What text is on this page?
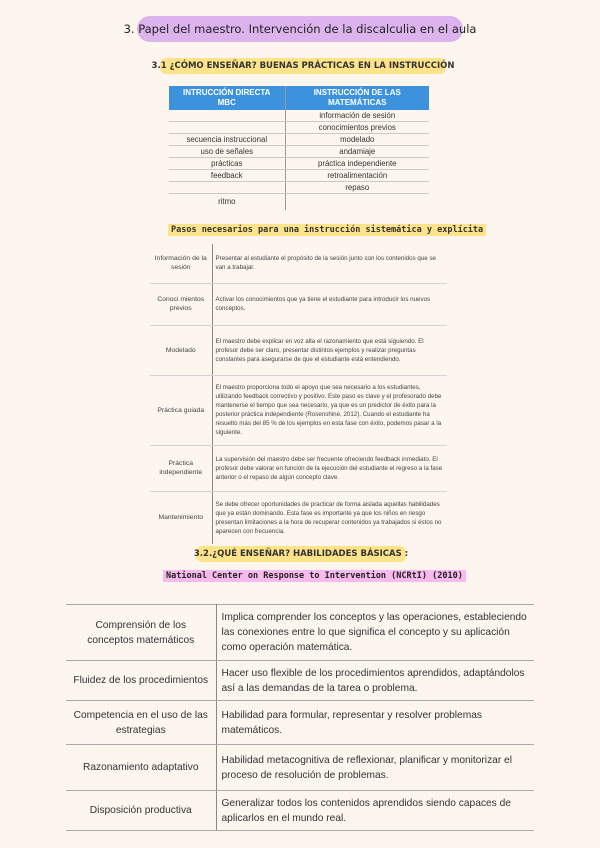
3. Papel del maestro. Intervención de la discalculia en el aula
3.1 ¿CÓMO ENSEÑAR? BUENAS PRÁCTICAS EN LA INSTRUCCIÓN
INTRUCCIÓN DIRECTA MBC	INSTRUCCIÓN DE LAS MATEMÁTICAS
	información de sesión
	conocimientos previos
secuencia instruccional	modelado
uso de señales	andamiaje
prácticas	práctica independiente
feedback	retroalimentación
	repaso
ritmo	
Pasos necesarios para una instrucción sistemática y explícita
Información de la sesión	Presentar al estudiante el propósito de la sesión junto con los contenidos que se van a trabajar.
Conoci mientos previos	Activar los conocimientos que ya tiene el estudiante para introducir los nuevos conceptos.
Modelado	El maestro debe explicar en voz alta el razonamiento que está siguiendo. El profesor debe ser claro, presentar distintos ejemplos y realizar preguntas constantes para asegurarse de que el estudiante está entendiendo.
Práctica guiada	El maestro proporciona todo el apoyo que sea necesario a los estudiantes, utilizando feedback correctivo y positivo. Este paso es clave y el profesorado debe mantenerse el tiempo que sea necesario, ya que es un predictor de éxito para la posterior práctica independiente (Rosenshine, 2012). Cuando el estudiante ha resuelto más del 85 % de los ejemplos en esta fase con éxito, podemos pasar a la siguiente.
Práctica independiente	La supervisión del maestro debe ser frecuente ofreciendo feedback inmediato. El profesor debe valorar en función de la ejecución del estudiante el regreso a la fase anterior o el repaso de algún concepto clave.
Mantenimiento	Se debe ofrecer oportunidades de practicar de forma aislada aquellas habilidades que ya están dominando. Esta fase es importante ya que los niños en riesgo presentan limitaciones a la hora de recuperar contenidos ya trabajados si éstos no aparecen con frecuencia.
3.2.¿QUÉ ENSEÑAR? HABILIDADES BÁSICAS :
National Center on Response to Intervention (NCRtI) (2010)
Comprensión de los conceptos matemáticos	Implica comprender los conceptos y las operaciones, estableciendo las conexiones entre lo que significa el concepto y su aplicación como operación matemática.
Fluidez de los procedimientos	Hacer uso flexible de los procedimientos aprendidos, adaptándolos así a las demandas de la tarea o problema.
Competencia en el uso de las estrategias	Habilidad para formular, representar y resolver problemas matemáticos.
Razonamiento adaptativo	Habilidad metacognitiva de reflexionar, planificar y monitorizar el proceso de resolución de problemas.
Disposición productiva	Generalizar todos los contenidos aprendidos siendo capaces de aplicarlos en el mundo real.
